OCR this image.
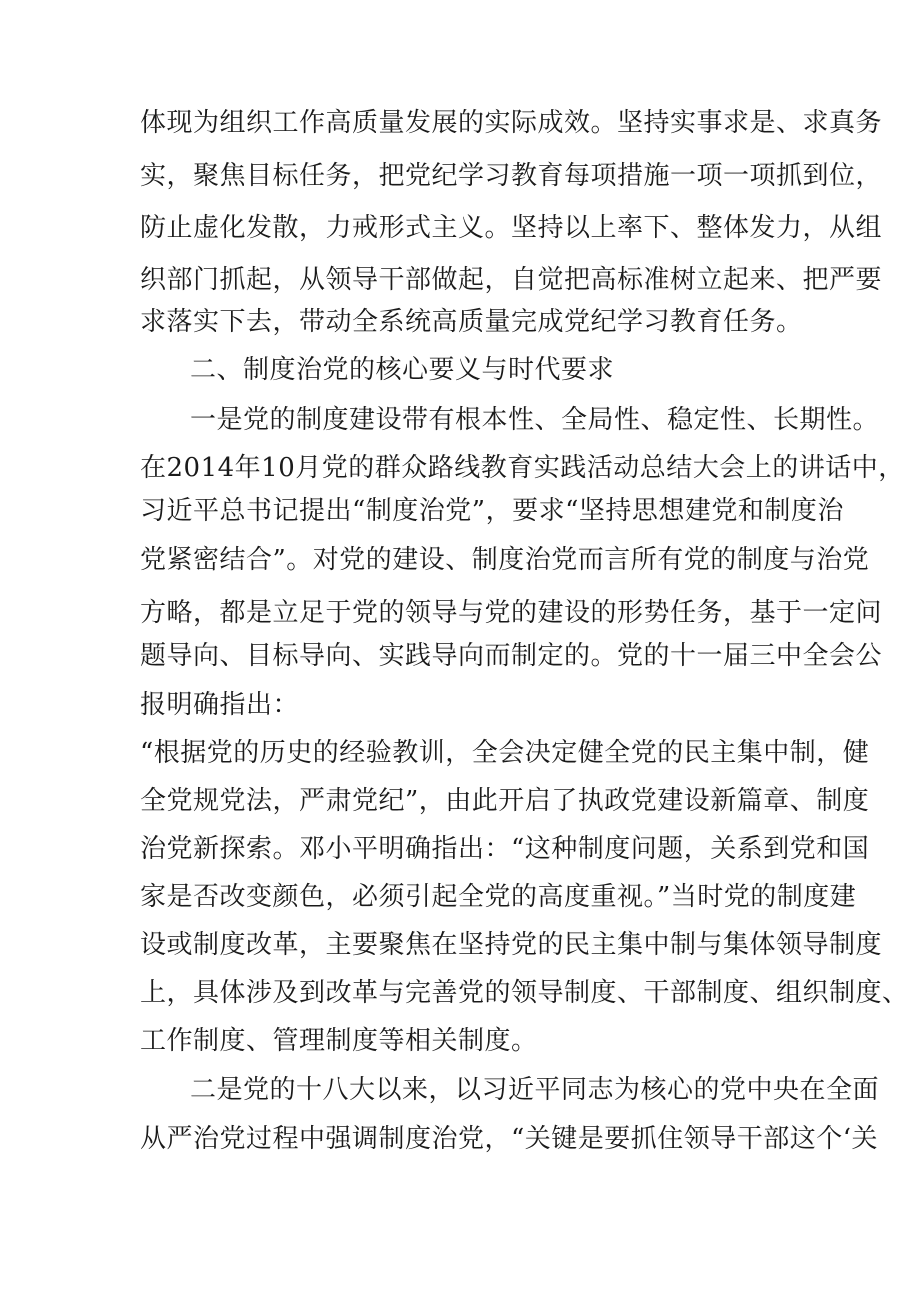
体现为组织工作高质量发展的实际成效。坚持实事求是、求真务
实，聚焦目标任务，把党纪学习教育每项措施一项一项抓到位，
防止虚化发散，力戒形式主义。坚持以上率下、整体发力，从组
织部门抓起，从领导干部做起，自觉把高标准树立起来、把严要
求落实下去，带动全系统高质量完成党纪学习教育任务。
二、制度治党的核心要义与时代要求
一是党的制度建设带有根本性、全局性、稳定性、长期性。
在2014年10月党的群众路线教育实践活动总结大会上的讲话中，
习近平总书记提出“制度治党”，要求“坚持思想建党和制度治
党紧密结合”。对党的建设、制度治党而言所有党的制度与治党
方略，都是立足于党的领导与党的建设的形势任务，基于一定问
题导向、目标导向、实践导向而制定的。党的十一届三中全会公
报明确指出：
“根据党的历史的经验教训，全会决定健全党的民主集中制，健
全党规党法，严肃党纪”，由此开启了执政党建设新篇章、制度
治党新探索。邓小平明确指出：“这种制度问题，关系到党和国
家是否改变颜色，必须引起全党的高度重视。”当时党的制度建
设或制度改革，主要聚焦在坚持党的民主集中制与集体领导制度
上，具体涉及到改革与完善党的领导制度、干部制度、组织制度、
工作制度、管理制度等相关制度。
二是党的十八大以来，以习近平同志为核心的党中央在全面
从严治党过程中强调制度治党，“关键是要抓住领导干部这个‘关
